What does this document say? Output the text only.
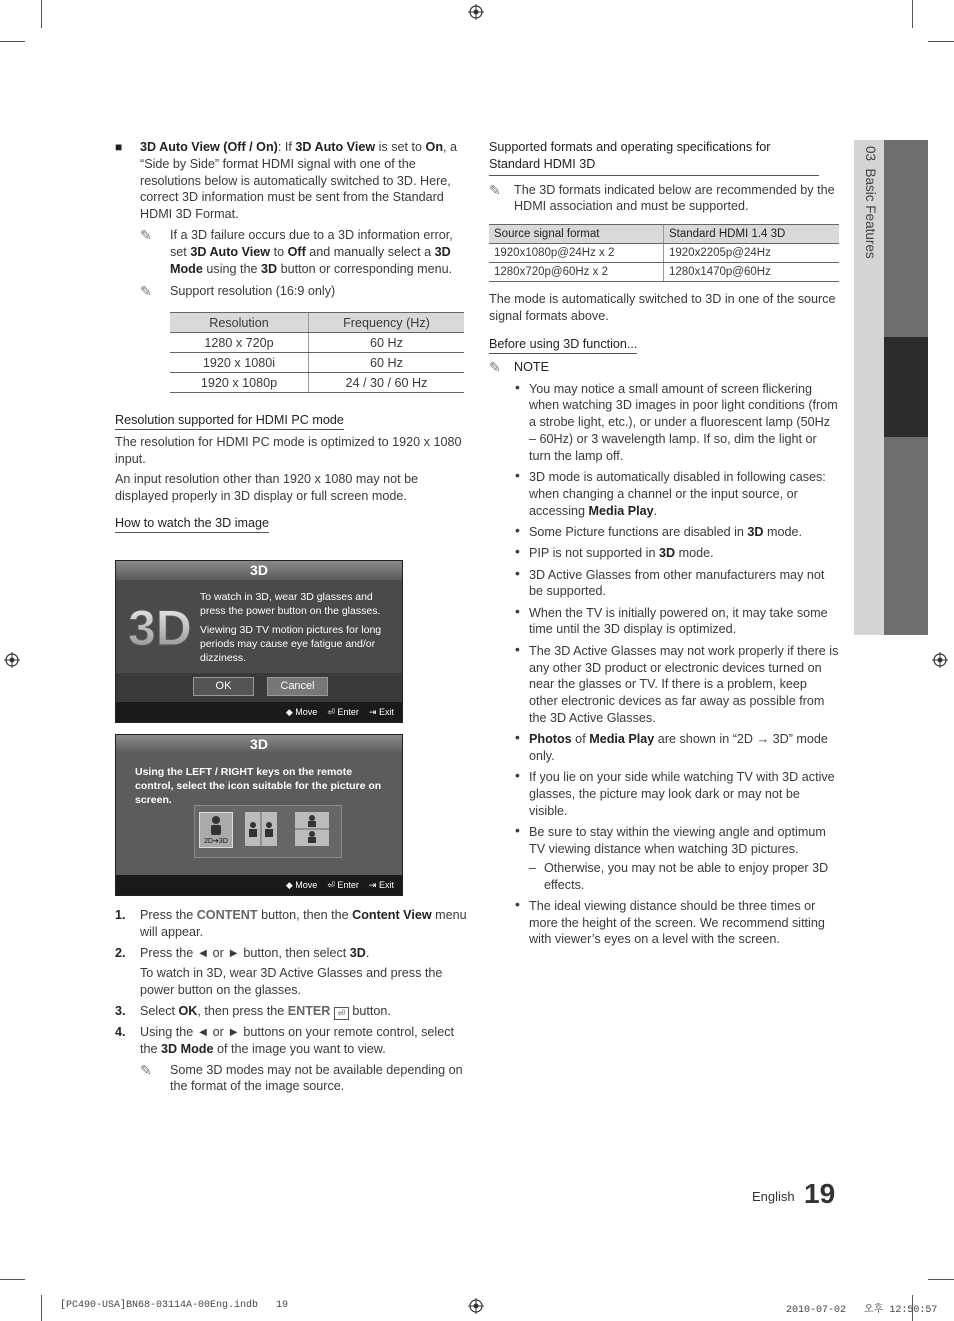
03  Basic Features
■ 3D Auto View (Off / On): If 3D Auto View is set to On, a “Side by Side” format HDMI signal with one of the resolutions below is automatically switched to 3D. Here, correct 3D information must be sent from the Standard HDMI 3D Format.
✎ If a 3D failure occurs due to a 3D information error, set 3D Auto View to Off and manually select a 3D Mode using the 3D button or corresponding menu.
✎ Support resolution (16:9 only)
Resolution	Frequency (Hz)
1280 x 720p	60 Hz
1920 x 1080i	60 Hz
1920 x 1080p	24 / 30 / 60 Hz
Resolution supported for HDMI PC mode

The resolution for HDMI PC mode is optimized to 1920 x 1080 input.

An input resolution other than 1920 x 1080 may not be displayed properly in 3D display or full screen mode.

How to watch the 3D image
3D
3D

To watch in 3D, wear 3D glasses and press the power button on the glasses.

Viewing 3D TV motion pictures for long periods may cause eye fatigue and/or dizziness.

OK	Cancel
◆ Move ⏎ Enter ⇥ Exit
3D

Using the LEFT / RIGHT keys on the remote control, select the icon suitable for the picture on screen.

2D➔3D
◆ Move ⏎ Enter ⇥ Exit
1. Press the CONTENT button, then the Content View menu will appear.
2. Press the ◄ or ► button, then select 3D.

To watch in 3D, wear 3D Active Glasses and press the power button on the glasses.

3. Select OK, then press the ENTER ⏎ button.
4. Using the ◄ or ► buttons on your remote control, select the 3D Mode of the image you want to view.
✎ Some 3D modes may not be available depending on the format of the image source.
Supported formats and operating specifications for Standard HDMI 3D
✎ The 3D formats indicated below are recommended by the HDMI association and must be supported.
Source signal format	Standard HDMI 1.4 3D
1920x1080p@24Hz x 2	1920x2205p@24Hz
1280x720p@60Hz x 2	1280x1470p@60Hz

The mode is automatically switched to 3D in one of the source signal formats above.

Before using 3D function...
✎ NOTE
• You may notice a small amount of screen flickering when watching 3D images in poor light conditions (from a strobe light, etc.), or under a fluorescent lamp (50Hz – 60Hz) or 3 wavelength lamp. If so, dim the light or turn the lamp off.
• 3D mode is automatically disabled in following cases: when changing a channel or the input source, or accessing Media Play.
• Some Picture functions are disabled in 3D mode.
• PIP is not supported in 3D mode.
• 3D Active Glasses from other manufacturers may not be supported.
• When the TV is initially powered on, it may take some time until the 3D display is optimized.
• The 3D Active Glasses may not work properly if there is any other 3D product or electronic devices turned on near the glasses or TV. If there is a problem, keep other electronic devices as far away as possible from the 3D Active Glasses.
• Photos of Media Play are shown in “2D → 3D” mode only.
• If you lie on your side while watching TV with 3D active glasses, the picture may look dark or may not be visible.
• Be sure to stay within the viewing angle and optimum TV viewing distance when watching 3D pictures.
– Otherwise, you may not be able to enjoy proper 3D effects.
• The ideal viewing distance should be three times or more the height of the screen. We recommend sitting with viewer’s eyes on a level with the screen.
English 19
[PC490-USA]BN68-03114A-00Eng.indb   19	2010-07-02   오후 12:50:57
